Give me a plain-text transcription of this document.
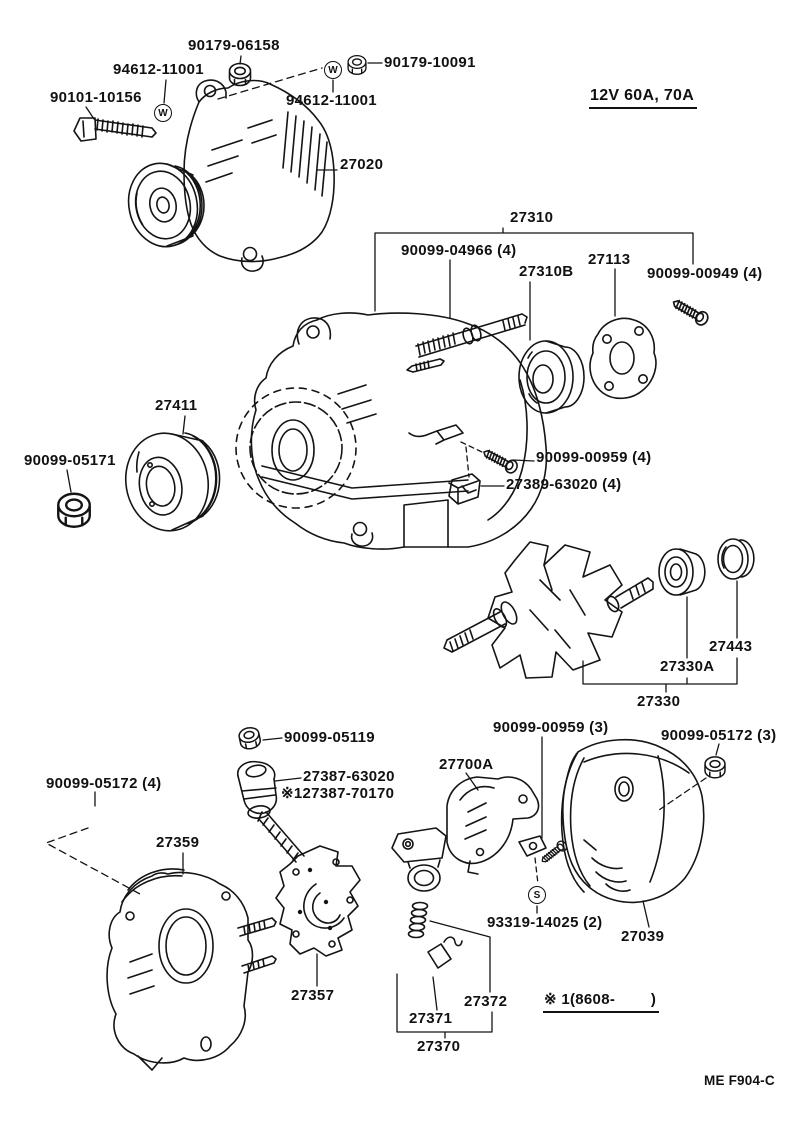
W
W
S
90179-06158
94612-11001
90101-10156
90179-10091
94612-11001	12V 60A, 70A
27020
27310
90099-04966 (4)
27310B
27113
90099-00949 (4)
27411
90099-05171	90099-00959 (4)
27389-63020 (4)
27443
27330A
27330
90099-05119
27387-63020
※127387-70170
90099-05172 (4)
27359
27700A
90099-00959 (3)	90099-05172 (3)
93319-14025 (2)
27039
27357	27372
27371
27370
※ 1(8608-        )
ME F904-C
